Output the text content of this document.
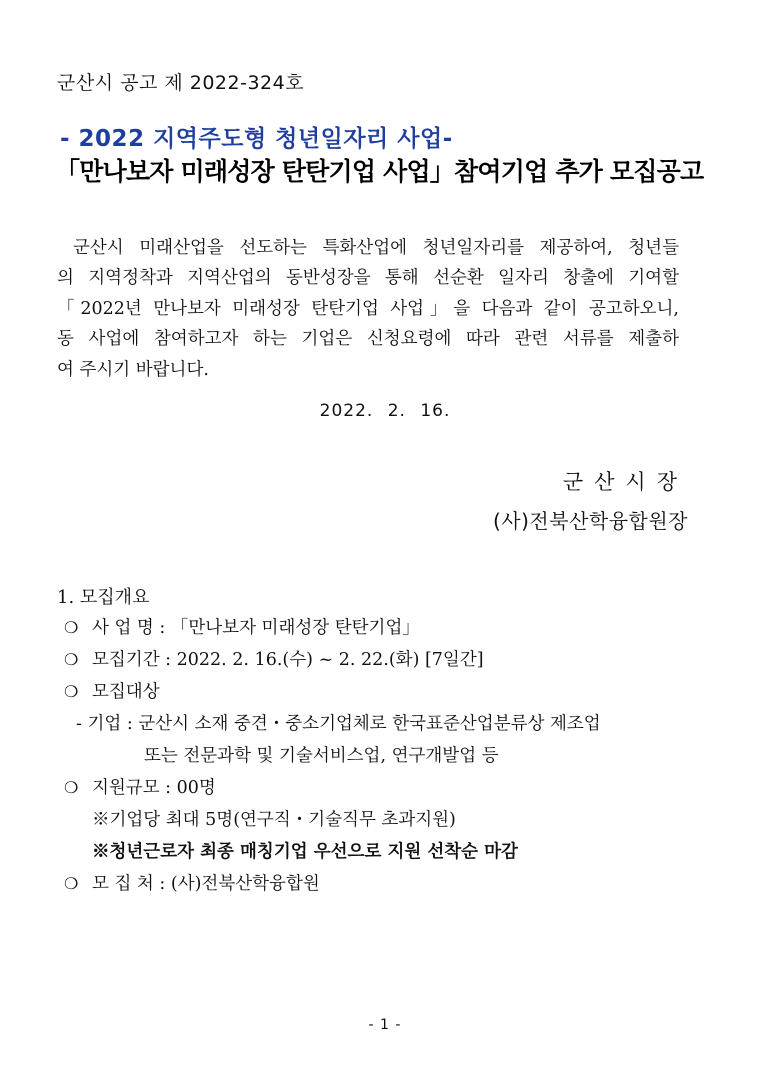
군산시 공고 제 2022-324호
- 2022 지역주도형 청년일자리 사업-
「만나보자 미래성장 탄탄기업 사업」참여기업 추가 모집공고
군산시 미래산업을 선도하는 특화산업에 청년일자리를 제공하여, 청년들
의 지역정착과 지역산업의 동반성장을 통해 선순환 일자리 창출에 기여할
「2022년 만나보자 미래성장 탄탄기업 사업」을 다음과 같이 공고하오니,
동 사업에 참여하고자 하는 기업은 신청요령에 따라 관련 서류를 제출하
여 주시기 바랍니다.
2022. 2. 16.
군산시장
(사)전북산학융합원장
1. 모집개요
❍ 사 업 명 : 「만나보자 미래성장 탄탄기업」
❍ 모집기간 : 2022. 2. 16.(수) ~ 2. 22.(화) [7일간]
❍ 모집대상
- 기업 : 군산시 소재 중견・중소기업체로 한국표준산업분류상 제조업
또는 전문과학 및 기술서비스업, 연구개발업 등
❍ 지원규모 : 00명
※기업당 최대 5명(연구직・기술직무 초과지원)
※청년근로자 최종 매칭기업 우선으로 지원 선착순 마감
❍ 모 집 처 : (사)전북산학융합원
- 1 -
